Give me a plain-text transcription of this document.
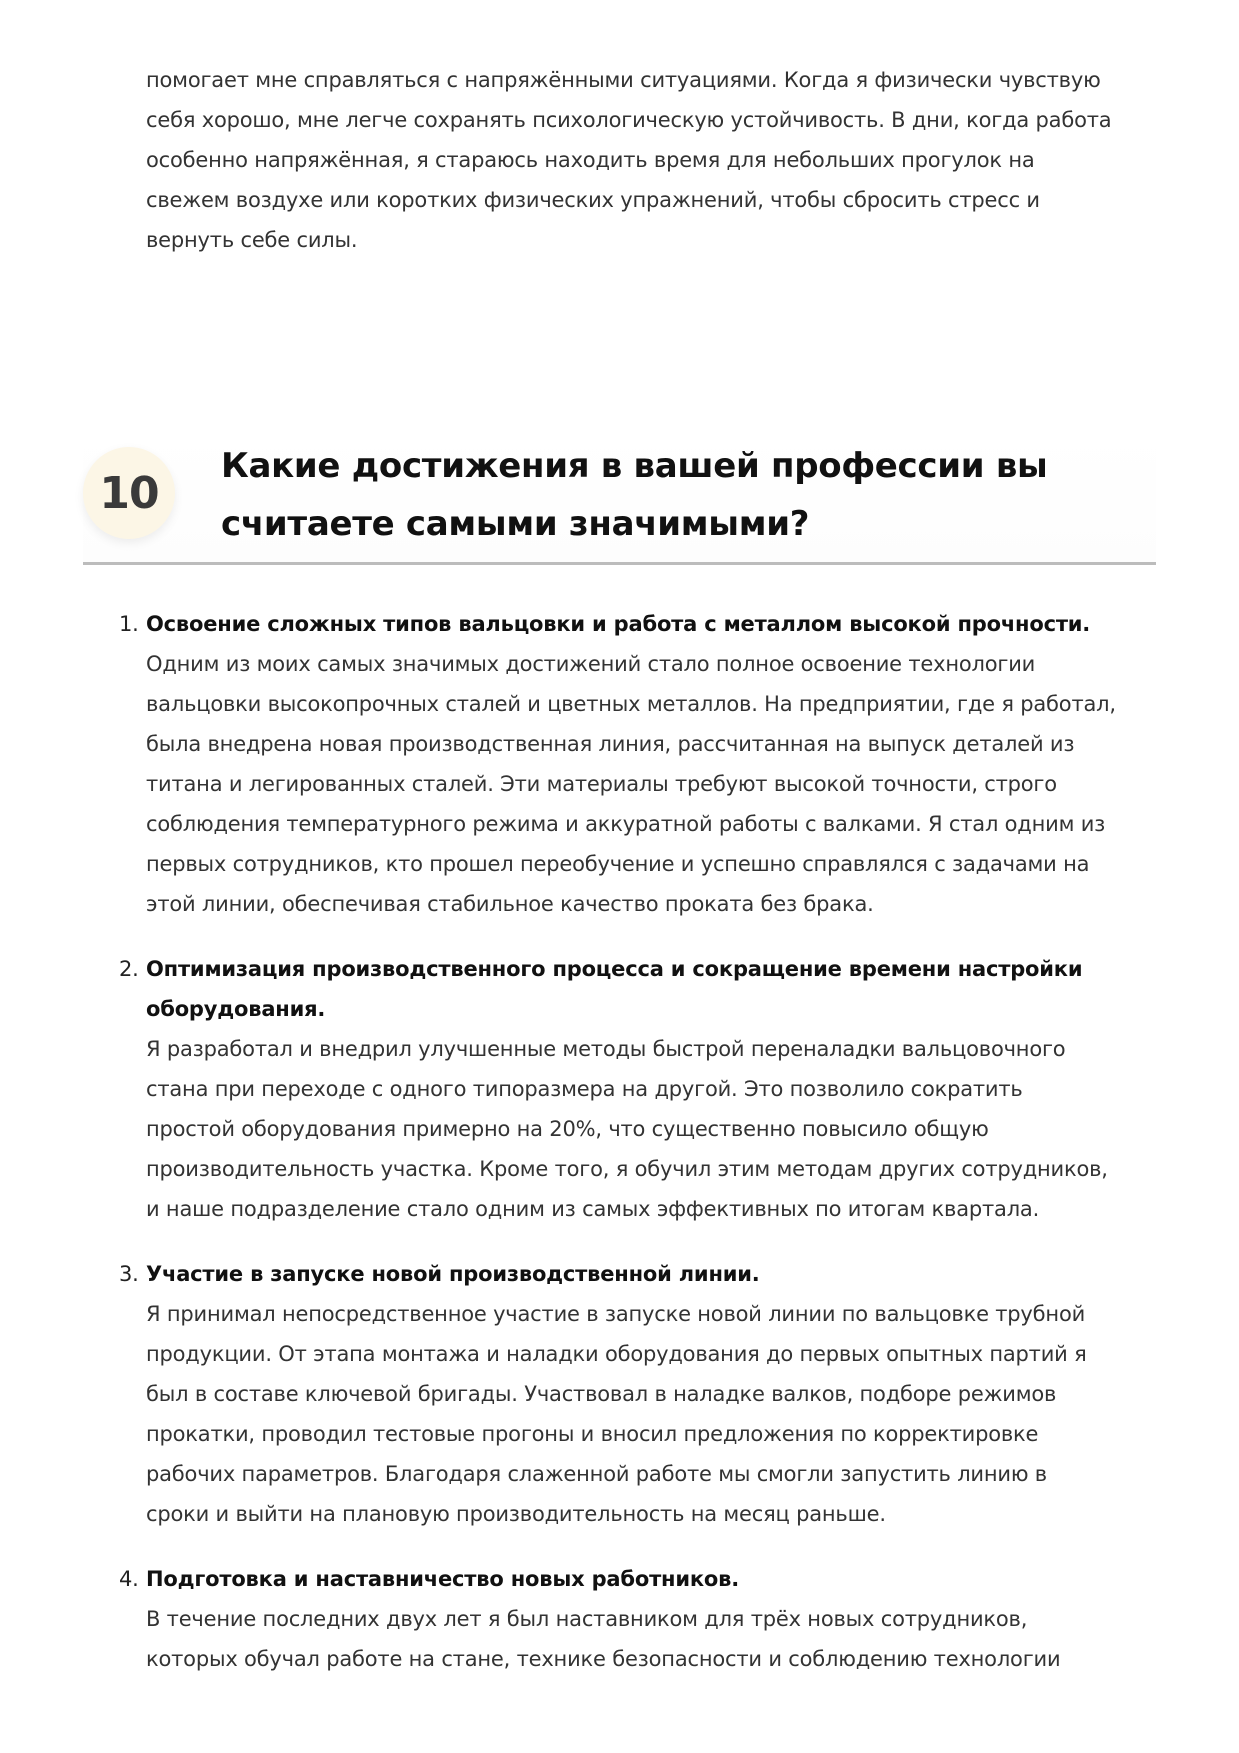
помогает мне справляться с напряжёнными ситуациями. Когда я физически чувствую
себя хорошо, мне легче сохранять психологическую устойчивость. В дни, когда работа
особенно напряжённая, я стараюсь находить время для небольших прогулок на
свежем воздухе или коротких физических упражнений, чтобы сбросить стресс и
вернуть себе силы.

10
Какие достижения в вашей профессии вы
считаете самыми значимыми?
1. Освоение сложных типов вальцовки и работа с металлом высокой прочности.
Одним из моих самых значимых достижений стало полное освоение технологии
вальцовки высокопрочных сталей и цветных металлов. На предприятии, где я работал,
была внедрена новая производственная линия, рассчитанная на выпуск деталей из
титана и легированных сталей. Эти материалы требуют высокой точности, строго
соблюдения температурного режима и аккуратной работы с валками. Я стал одним из
первых сотрудников, кто прошел переобучение и успешно справлялся с задачами на
этой линии, обеспечивая стабильное качество проката без брака.
2. Оптимизация производственного процесса и сокращение времени настройки
оборудования.
Я разработал и внедрил улучшенные методы быстрой переналадки вальцовочного
стана при переходе с одного типоразмера на другой. Это позволило сократить
простой оборудования примерно на 20%, что существенно повысило общую
производительность участка. Кроме того, я обучил этим методам других сотрудников,
и наше подразделение стало одним из самых эффективных по итогам квартала.
3. Участие в запуске новой производственной линии.
Я принимал непосредственное участие в запуске новой линии по вальцовке трубной
продукции. От этапа монтажа и наладки оборудования до первых опытных партий я
был в составе ключевой бригады. Участвовал в наладке валков, подборе режимов
прокатки, проводил тестовые прогоны и вносил предложения по корректировке
рабочих параметров. Благодаря слаженной работе мы смогли запустить линию в
сроки и выйти на плановую производительность на месяц раньше.
4. Подготовка и наставничество новых работников.
В течение последних двух лет я был наставником для трёх новых сотрудников,
которых обучал работе на стане, технике безопасности и соблюдению технологии
